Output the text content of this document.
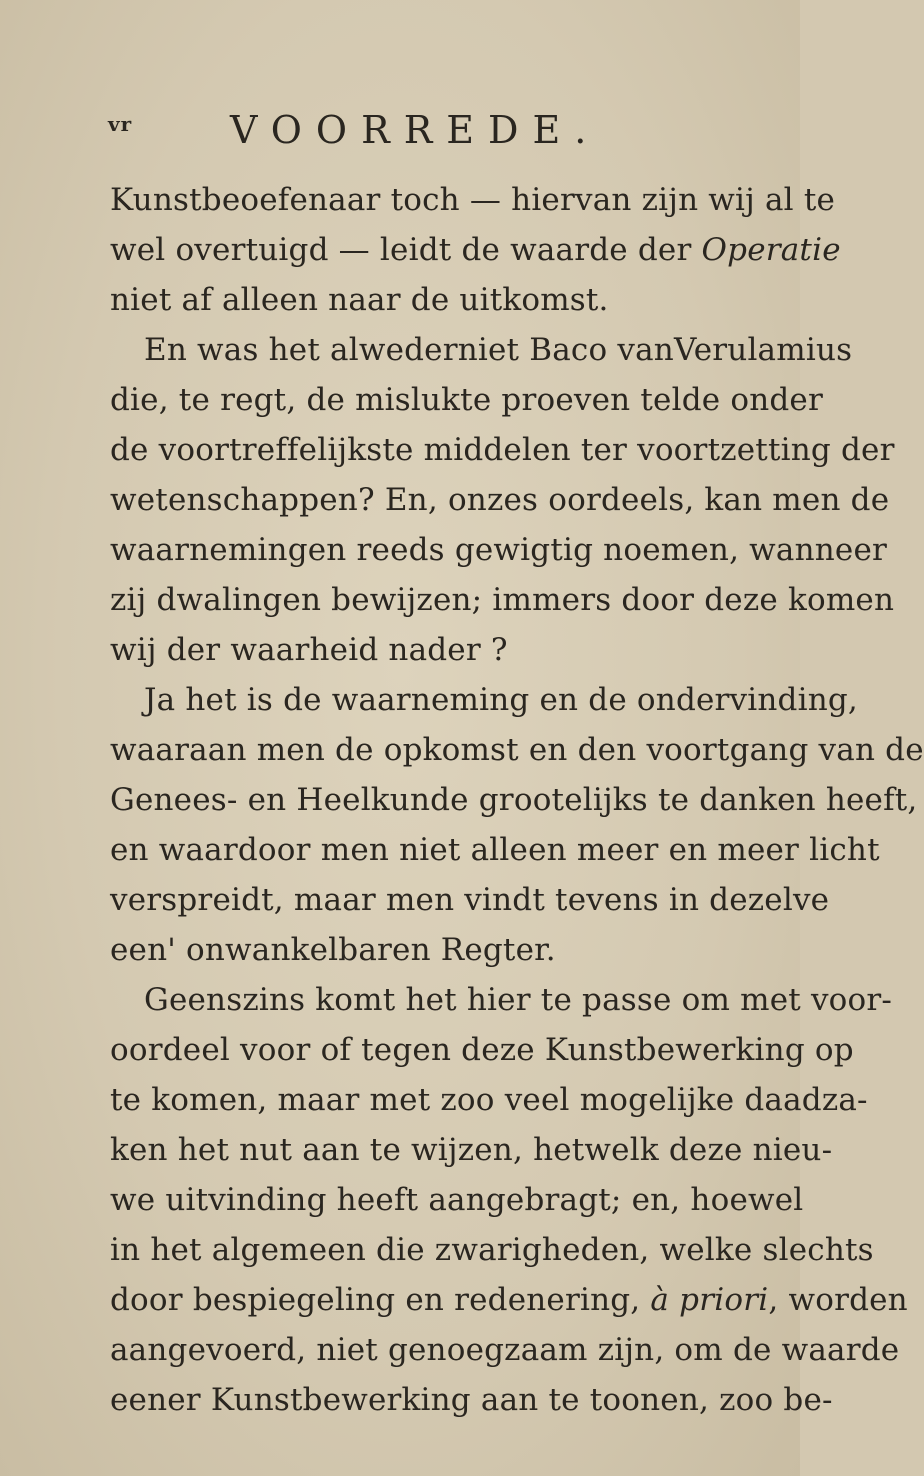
vr	VOORREDE.
Kunstbeoefenaar toch — hiervan zijn wij al te
wel overtuigd — leidt de waarde der Operatie
niet af alleen naar de uitkomst.
En was het alwederniet Baco vanVerulamius
die, te regt, de mislukte proeven telde onder
de voortreffelijkste middelen ter voortzetting der
wetenschappen? En, onzes oordeels, kan men de
waarnemingen reeds gewigtig noemen, wanneer
zij dwalingen bewijzen; immers door deze komen
wij der waarheid nader ?
Ja het is de waarneming en de ondervinding,
waaraan men de opkomst en den voortgang van de
Genees- en Heelkunde grootelijks te danken heeft,
en waardoor men niet alleen meer en meer licht
verspreidt, maar men vindt tevens in dezelve
een' onwankelbaren Regter.
Geenszins komt het hier te passe om met voor-
oordeel voor of tegen deze Kunstbewerking op
te komen, maar met zoo veel mogelijke daadza-
ken het nut aan te wijzen, hetwelk deze nieu-
we uitvinding heeft aangebragt; en, hoewel
in het algemeen die zwarigheden, welke slechts
door bespiegeling en redenering, à priori, worden
aangevoerd, niet genoegzaam zijn, om de waarde
eener Kunstbewerking aan te toonen, zoo be-
